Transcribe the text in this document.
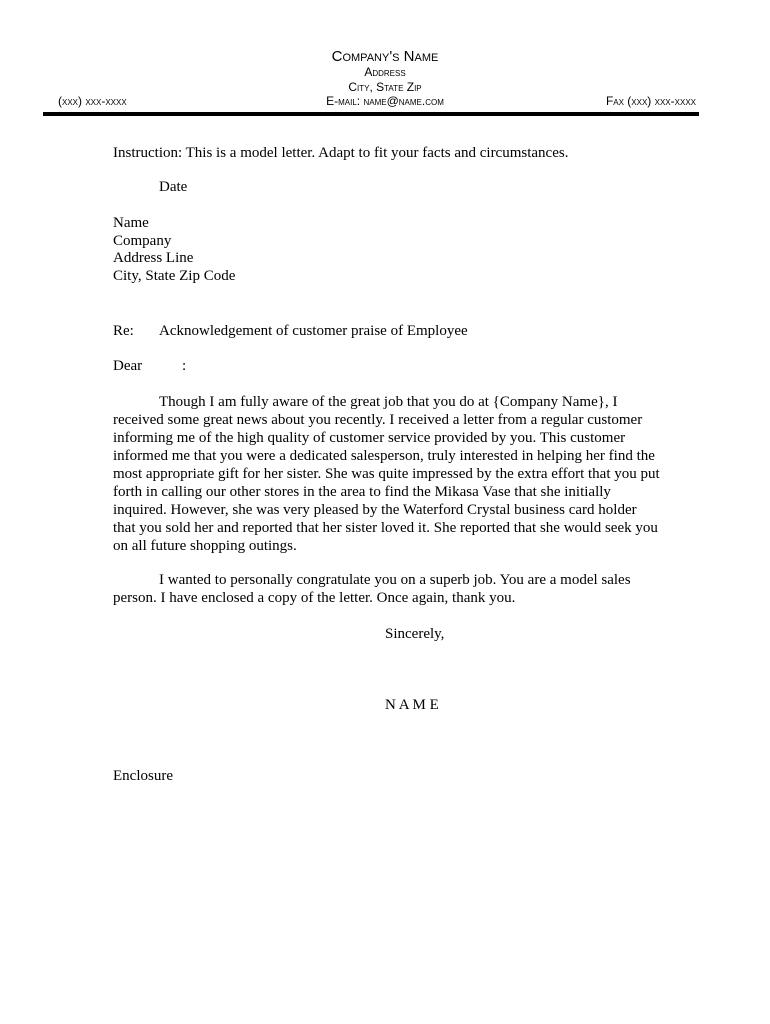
Company's Name
Address
City, State Zip
(xxx) xxx-xxxx	E-mail: name@name.com	Fax (xxx) xxx-xxxx
Instruction: This is a model letter. Adapt to fit your facts and circumstances.
Date
Name
Company
Address Line
City, State Zip Code
Re: Acknowledgement of customer praise of Employee
Dear	:

Though I am fully aware of the great job that you do at {Company Name}, I received some great news about you recently. I received a letter from a regular customer informing me of the high quality of customer service provided by you. This customer informed me that you were a dedicated salesperson, truly interested in helping her find the most appropriate gift for her sister. She was quite impressed by the extra effort that you put forth in calling our other stores in the area to find the Mikasa Vase that she initially inquired. However, she was very pleased by the Waterford Crystal business card holder that you sold her and reported that her sister loved it. She reported that she would seek you on all future shopping outings.

I wanted to personally congratulate you on a superb job. You are a model sales person. I have enclosed a copy of the letter. Once again, thank you.

Sincerely,
N A M E
Enclosure
